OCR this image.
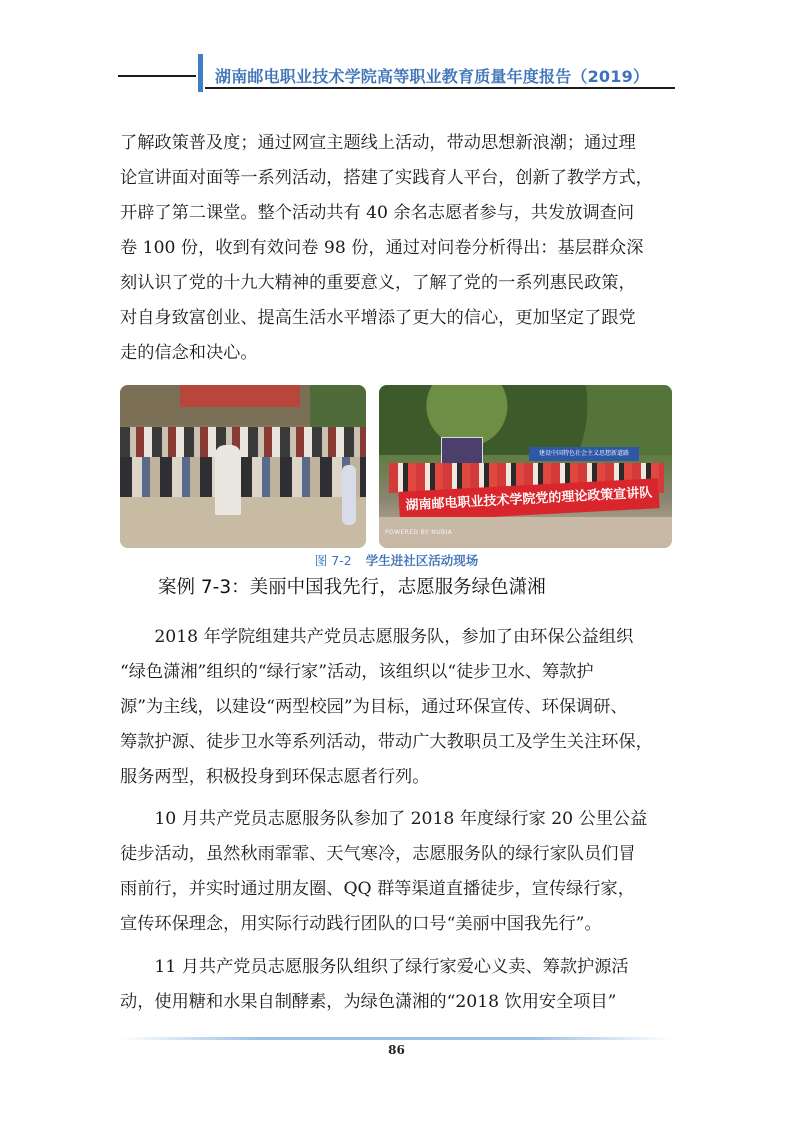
湖南邮电职业技术学院高等职业教育质量年度报告（2019）
了解政策普及度；通过网宣主题线上活动，带动思想新浪潮；通过理
论宣讲面对面等一系列活动，搭建了实践育人平台，创新了教学方式，
开辟了第二课堂。整个活动共有 40 余名志愿者参与，共发放调查问
卷 100 份，收到有效问卷 98 份，通过对问卷分析得出：基层群众深
刻认识了党的十九大精神的重要意义，了解了党的一系列惠民政策，
对自身致富创业、提高生活水平增添了更大的信心，更加坚定了跟党
走的信念和决心。
建设中国特色社会主义思想新道路
湖南邮电职业技术学院党的理论政策宣讲队
POWERED BY NUBIA
图 7-2 学生进社区活动现场
案例 7-3：美丽中国我先行，志愿服务绿色潇湘
　　2018 年学院组建共产党员志愿服务队，参加了由环保公益组织
“绿色潇湘”组织的“绿行家”活动，该组织以“徒步卫水、筹款护
源”为主线，以建设“两型校园”为目标，通过环保宣传、环保调研、
筹款护源、徒步卫水等系列活动，带动广大教职员工及学生关注环保，
服务两型，积极投身到环保志愿者行列。
　　10 月共产党员志愿服务队参加了 2018 年度绿行家 20 公里公益
徒步活动，虽然秋雨霏霏、天气寒冷，志愿服务队的绿行家队员们冒
雨前行，并实时通过朋友圈、QQ 群等渠道直播徒步，宣传绿行家，
宣传环保理念，用实际行动践行团队的口号“美丽中国我先行”。
　　11 月共产党员志愿服务队组织了绿行家爱心义卖、筹款护源活
动，使用糖和水果自制酵素，为绿色潇湘的“2018 饮用安全项目”
86
